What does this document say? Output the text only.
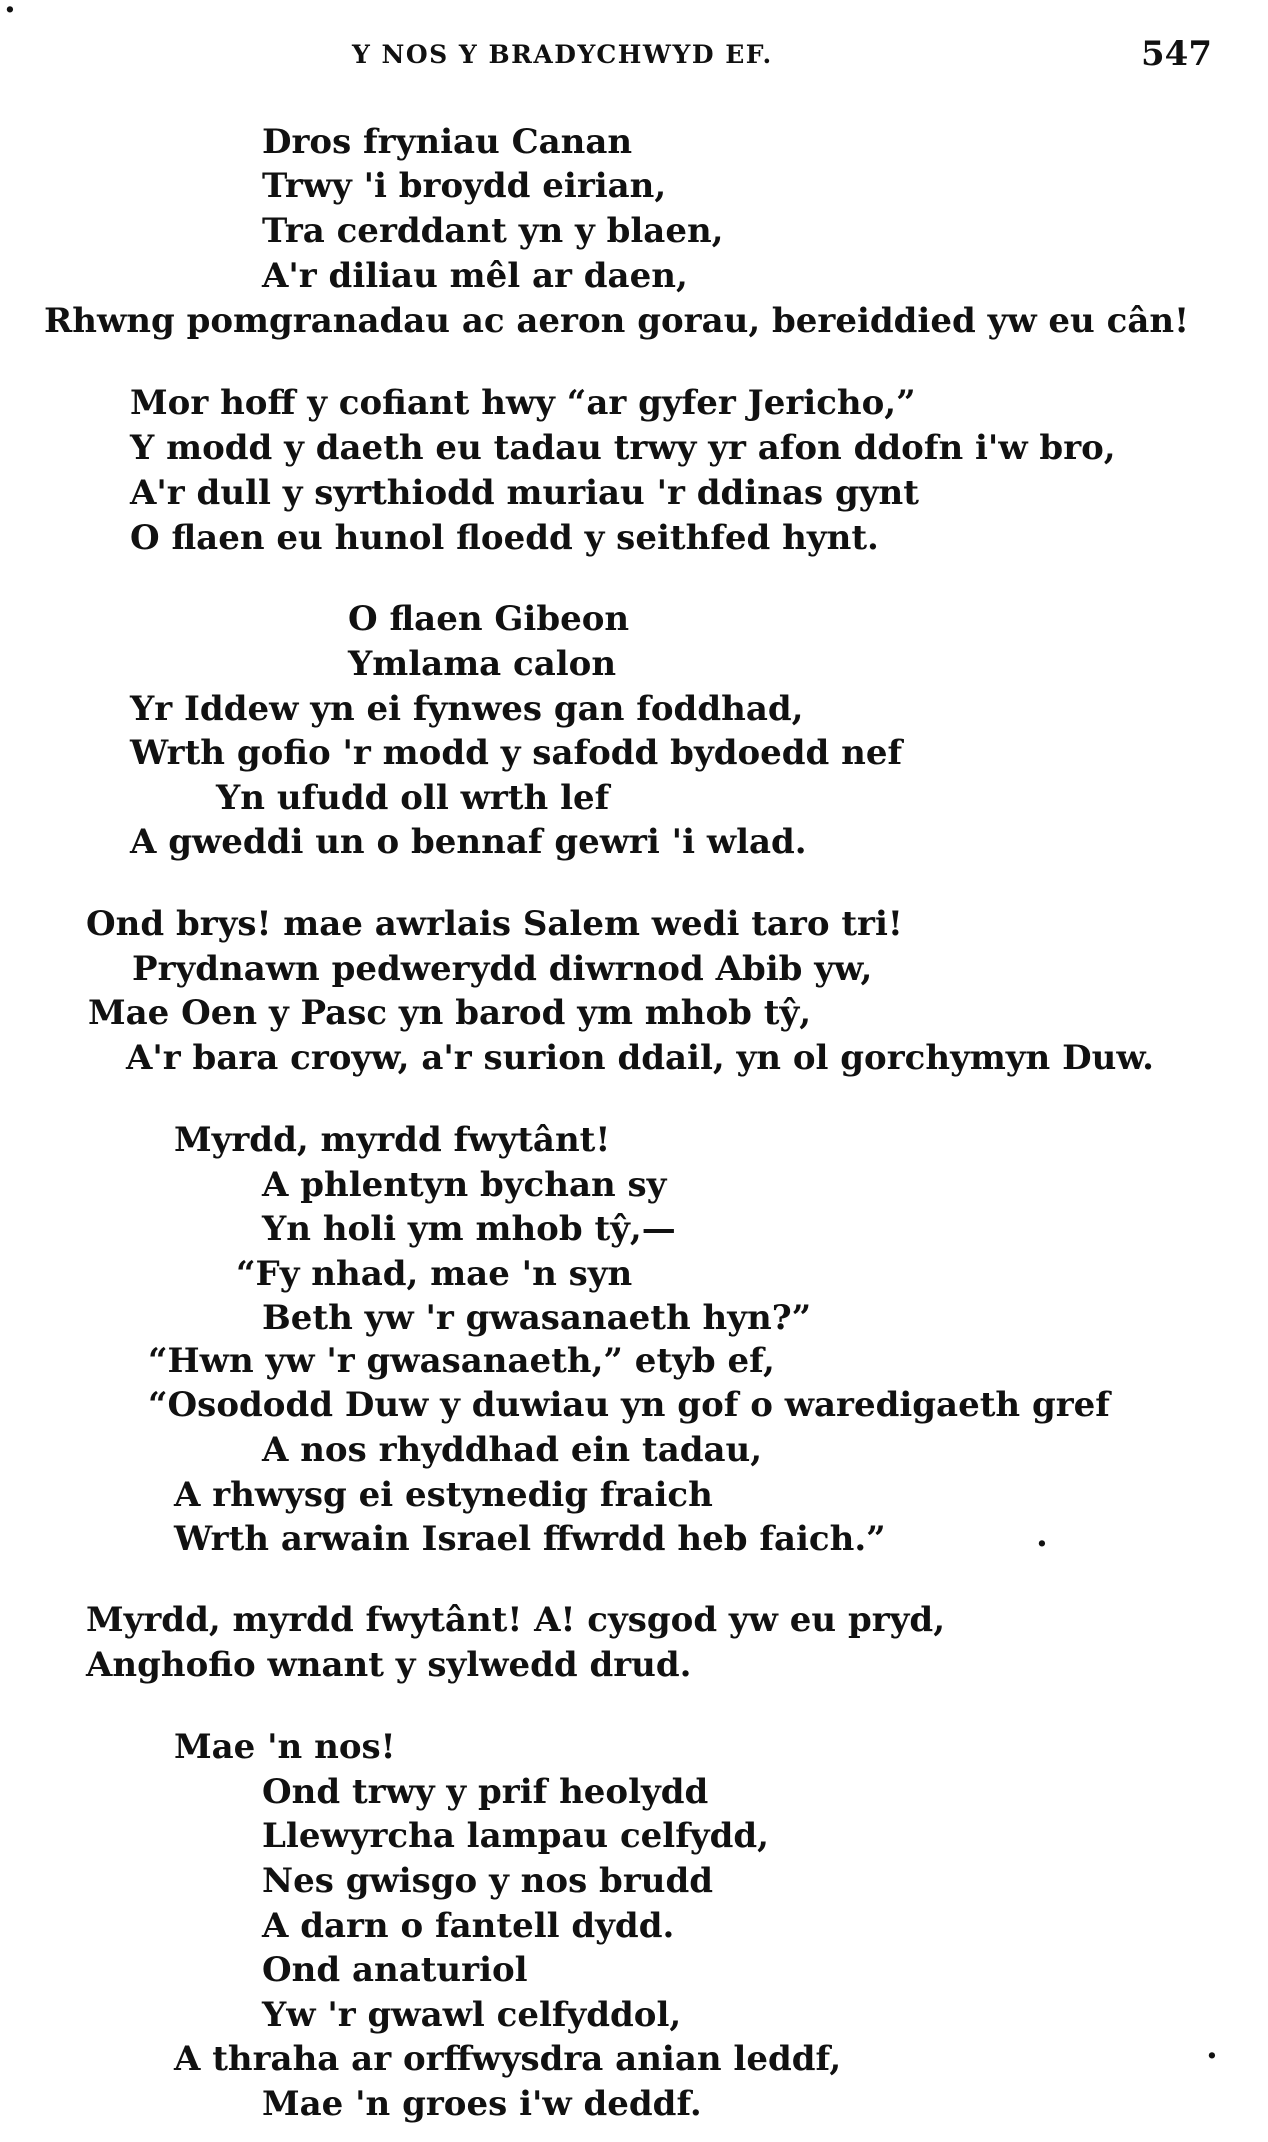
·
Y NOS Y BRADYCHWYD EF.	547
Dros fryniau Canan
Trwy 'i broydd eirian,
Tra cerddant yn y blaen,
A'r diliau mêl ar daen,
Rhwng pomgranadau ac aeron gorau, bereiddied yw eu cân!
Mor hoff y cofiant hwy “ar gyfer Jericho,”
Y modd y daeth eu tadau trwy yr afon ddofn i'w bro,
A'r dull y syrthiodd muriau 'r ddinas gynt
O flaen eu hunol floedd y seithfed hynt.
O flaen Gibeon
Ymlama calon
Yr Iddew yn ei fynwes gan foddhad,
Wrth gofio 'r modd y safodd bydoedd nef
Yn ufudd oll wrth lef
A gweddi un o bennaf gewri 'i wlad.
Ond brys! mae awrlais Salem wedi taro tri!
Prydnawn pedwerydd diwrnod Abib yw,
Mae Oen y Pasc yn barod ym mhob tŷ,
A'r bara croyw, a'r surion ddail, yn ol gorchymyn Duw.
Myrdd, myrdd fwytânt!
A phlentyn bychan sy
Yn holi ym mhob tŷ,—
“Fy nhad, mae 'n syn
Beth yw 'r gwasanaeth hyn?”
“Hwn yw 'r gwasanaeth,” etyb ef,
“Osododd Duw y duwiau yn gof o waredigaeth gref
A nos rhyddhad ein tadau,
A rhwysg ei estynedig fraich
Wrth arwain Israel ffwrdd heb faich.”	·
Myrdd, myrdd fwytânt! A! cysgod yw eu pryd,
Anghofio wnant y sylwedd drud.
Mae 'n nos!
Ond trwy y prif heolydd
Llewyrcha lampau celfydd,
Nes gwisgo y nos brudd
A darn o fantell dydd.
Ond anaturiol
Yw 'r gwawl celfyddol,
A thraha ar orffwysdra anian leddf,	·
Mae 'n groes i'w deddf.
